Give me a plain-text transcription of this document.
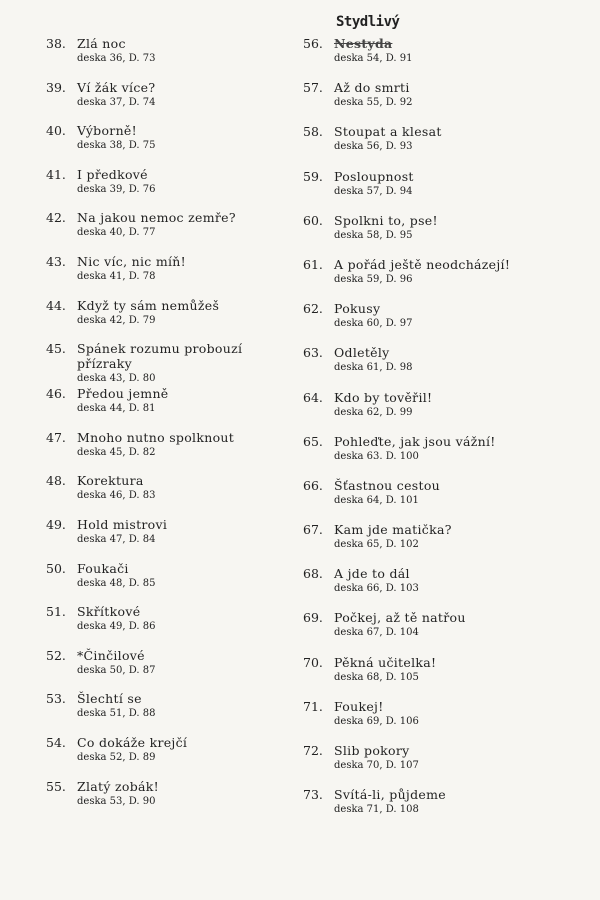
Stydlivý
38. Zlá noc
deska 36, D. 73
39. Ví žák více?
deska 37, D. 74
40. Výborně!
deska 38, D. 75
41. I předkové
deska 39, D. 76
42. Na jakou nemoc zemře?
deska 40, D. 77
43. Nic víc, nic míň!
deska 41, D. 78
44. Když ty sám nemůžeš
deska 42, D. 79
45. Spánek rozumu probouzí přízraky
deska 43, D. 80
46. Předou jemně
deska 44, D. 81
47. Mnoho nutno spolknout
deska 45, D. 82
48. Korektura
deska 46, D. 83
49. Hold mistrovi
deska 47, D. 84
50. Foukači
deska 48, D. 85
51. Skřítkové
deska 49, D. 86
52. *Činčilové
deska 50, D. 87
53. Šlechtí se
deska 51, D. 88
54. Co dokáže krejčí
deska 52, D. 89
55. Zlatý zobák!
deska 53, D. 90
56. Nestyda
deska 54, D. 91
57. Až do smrti
deska 55, D. 92
58. Stoupat a klesat
deska 56, D. 93
59. Posloupnost
deska 57, D. 94
60. Spolkni to, pse!
deska 58, D. 95
61. A pořád ještě neodcházejí!
deska 59, D. 96
62. Pokusy
deska 60, D. 97
63. Odletěly
deska 61, D. 98
64. Kdo by tověřil!
deska 62, D. 99
65. Pohleďte, jak jsou vážní!
deska 63. D. 100
66. Šťastnou cestou
deska 64, D. 101
67. Kam jde matička?
deska 65, D. 102
68. A jde to dál
deska 66, D. 103
69. Počkej, až tě natřou
deska 67, D. 104
70. Pěkná učitelka!
deska 68, D. 105
71. Foukej!
deska 69, D. 106
72. Slib pokory
deska 70, D. 107
73. Svítá-li, půjdeme
deska 71, D. 108
